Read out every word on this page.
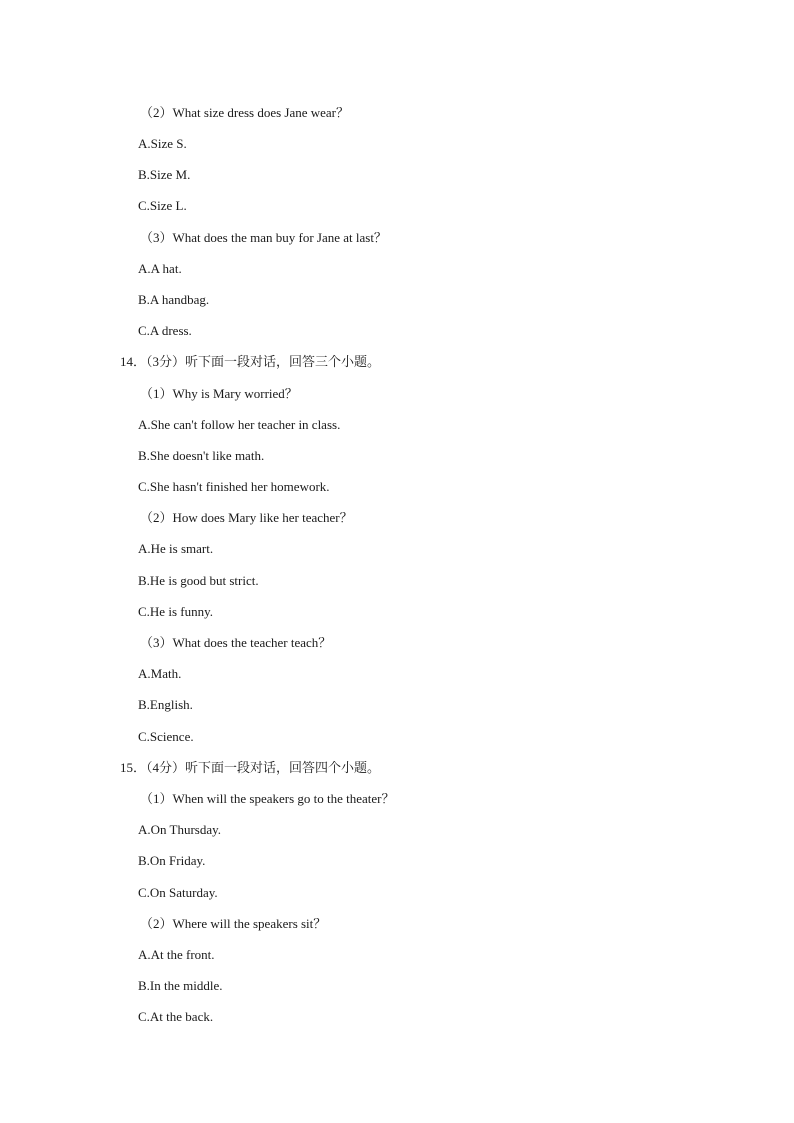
（2）What size dress does Jane wear？
A.Size S.
B.Size M.
C.Size L.
（3）What does the man buy for Jane at last？
A.A hat.
B.A handbag.
C.A dress.
14．（3分）听下面一段对话，回答三个小题。
（1）Why is Mary worried？
A.She can't follow her teacher in class.
B.She doesn't like math.
C.She hasn't finished her homework.
（2）How does Mary like her teacher？
A.He is smart.
B.He is good but strict.
C.He is funny.
（3）What does the teacher teach？
A.Math.
B.English.
C.Science.
15．（4分）听下面一段对话，回答四个小题。
（1）When will the speakers go to the theater？
A.On Thursday.
B.On Friday.
C.On Saturday.
（2）Where will the speakers sit？
A.At the front.
B.In the middle.
C.At the back.
